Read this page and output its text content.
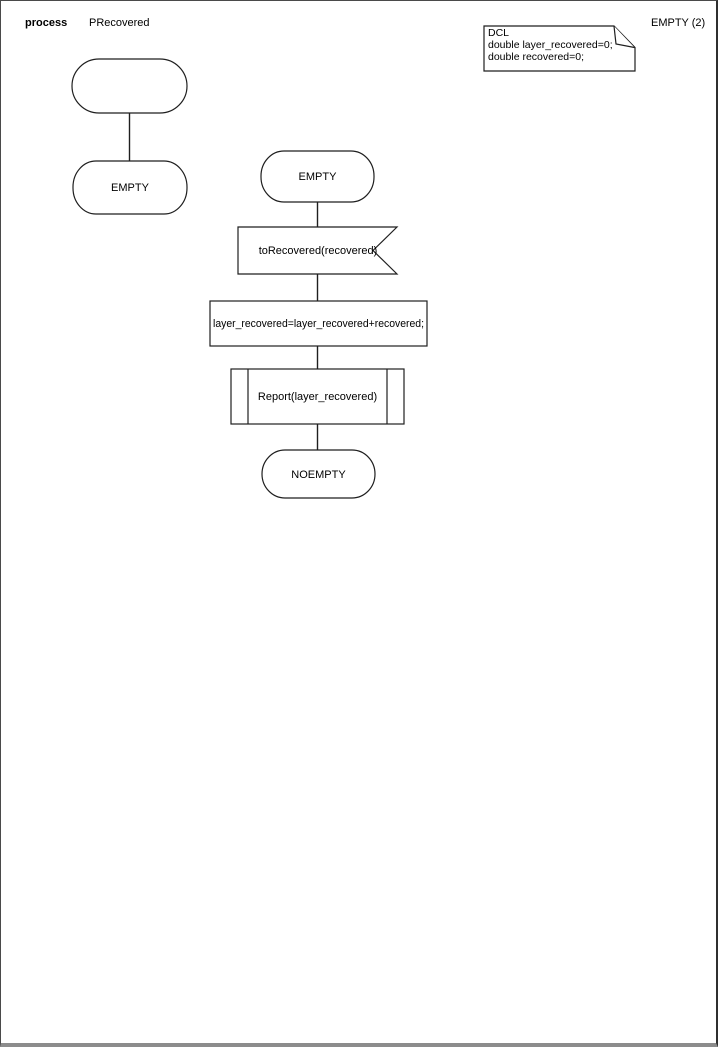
process PRecovered	EMPTY (2)
DCL
double layer_recovered=0;
double recovered=0;
EMPTY
EMPTY
toRecovered(recovered)
layer_recovered=layer_recovered+recovered;
Report(layer_recovered)
NOEMPTY
